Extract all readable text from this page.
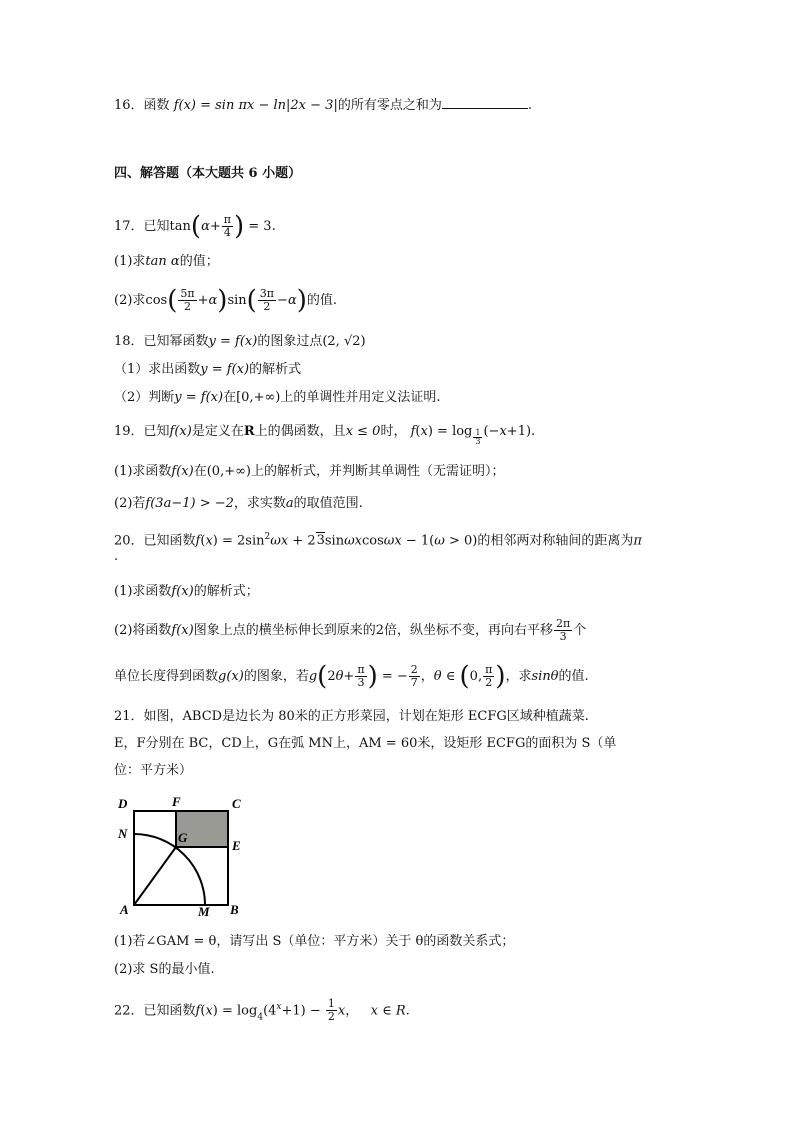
16．函数 f(x) = sin πx − ln|2x − 3|的所有零点之和为	.
四、解答题（本大题共 6 小题）
17．已知$\tan(\alpha+ \frac{\pi}{4}$ ) = 3.
(1)求tan α的值；
(2)求$\cos( \frac{5\pi}{2} +\alpha)\sin( \frac{3\pi}{2} -\alpha)$的值.
18．已知幂函数y = f(x)的图象过点(2, √2)
（1）求出函数y = f(x)的解析式
（2）判断y = f(x)在[0,+∞)上的单调性并用定义法证明.
19．已知f(x)是定义在R上的偶函数，且x ≤ 0时， f(x) = log $_{\frac{1}{3}}$ (−x+1).
(1)求函数f(x)在(0,+∞)上的解析式，并判断其单调性（无需证明）；
(2)若f(3a−1) > −2，求实数a的取值范围.
20．已知函数$f(x) = 2\sin^2\omega x + 23\sin\omega xcos\omega x - 1(\omega > 0)$的相邻两对称轴间的距离为π
.
(1)求函数f(x)的解析式；
(2)将函数f(x)图象上点的横坐标伸长到原来的2倍，纵坐标不变，再向右平移 $\frac{2\pi}{3}$ 个
单位长度得到函数g(x)的图象，若$g(2\theta+ \frac{\pi}{3}$ ) = − $\frac{2}{7}$ ，θ ∈ (0, $\frac{\pi}{2}$ )，求sinθ的值.
21．如图，ABCD是边长为 80米的正方形菜园，计划在矩形 ECFG区域种植蔬菜.
E，F分别在 BC，CD上，G在弧 MN上，AM = 60米，设矩形 ECFG的面积为 S（单
位：平方米）
D	F	C
N	G
E
A	M B
(1)若∠GAM = θ，请写出 S（单位：平方米）关于 θ的函数关系式；
(2)求 S的最小值.
22．已知函数$f(x) = \log_4(4^x+1) - \frac{1}{2}$ x，   x ∈ R.
